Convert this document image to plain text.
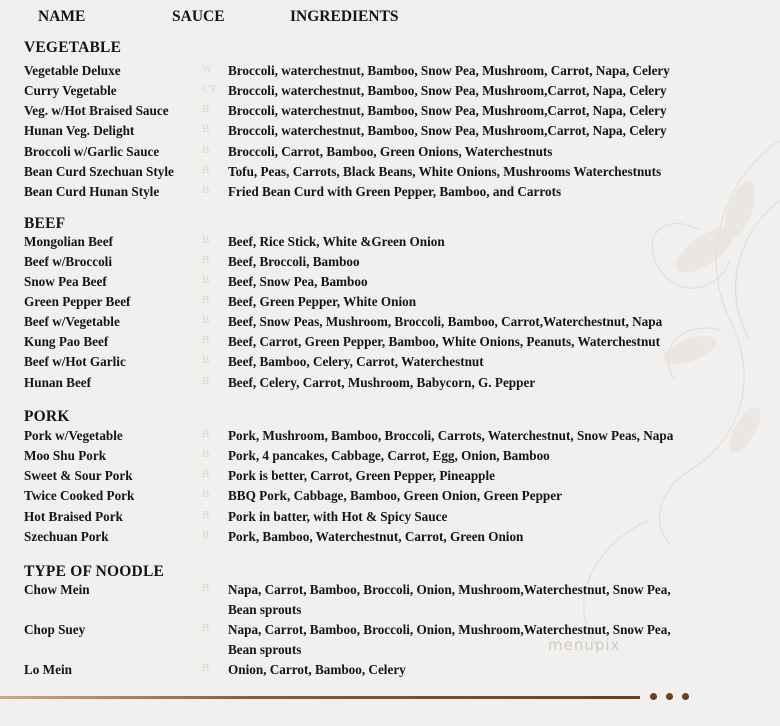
NAME	SAUCE	INGREDIENTS
VEGETABLE
Vegetable Deluxe	W Broccoli, waterchestnut, Bamboo, Snow Pea, Mushroom, Carrot, Napa, Celery
Curry Vegetable	CY Broccoli, waterchestnut, Bamboo, Snow Pea, Mushroom,Carrot, Napa, Celery
Veg. w/Hot Braised Sauce	B Broccoli, waterchestnut, Bamboo, Snow Pea, Mushroom,Carrot, Napa, Celery
Hunan Veg. Delight	B Broccoli, waterchestnut, Bamboo, Snow Pea, Mushroom,Carrot, Napa, Celery
Broccoli w/Garlic Sauce	B Broccoli, Carrot, Bamboo, Green Onions, Waterchestnuts
Bean Curd Szechuan Style	B Tofu, Peas, Carrots, Black Beans, White Onions, Mushrooms Waterchestnuts
Bean Curd Hunan Style	B Fried Bean Curd with Green Pepper, Bamboo, and Carrots
BEEF
Mongolian Beef	B Beef, Rice Stick, White &Green Onion
Beef w/Broccoli	B Beef, Broccoli, Bamboo
Snow Pea Beef	B Beef, Snow Pea, Bamboo
Green Pepper Beef	B Beef, Green Pepper, White Onion
Beef w/Vegetable	B Beef, Snow Peas, Mushroom, Broccoli, Bamboo, Carrot,Waterchestnut, Napa
Kung Pao Beef	B Beef, Carrot, Green Pepper, Bamboo, White Onions, Peanuts, Waterchestnut
Beef w/Hot Garlic	B Beef, Bamboo, Celery, Carrot, Waterchestnut
Hunan Beef	B Beef, Celery, Carrot, Mushroom, Babycorn, G. Pepper
PORK
Pork w/Vegetable	B Pork, Mushroom, Bamboo, Broccoli, Carrots, Waterchestnut, Snow Peas, Napa
Moo Shu Pork	B Pork, 4 pancakes, Cabbage, Carrot, Egg, Onion, Bamboo
Sweet & Sour Pork	B Pork is better, Carrot, Green Pepper, Pineapple
Twice Cooked Pork	B BBQ Pork, Cabbage, Bamboo, Green Onion, Green Pepper
Hot Braised Pork	B Pork in batter, with Hot & Spicy Sauce
Szechuan Pork	B Pork, Bamboo, Waterchestnut, Carrot, Green Onion
TYPE OF NOODLE
Chow Mein	B Napa, Carrot, Bamboo, Broccoli, Onion, Mushroom,Waterchestnut, Snow Pea,
Bean sprouts
Chop Suey	B Napa, Carrot, Bamboo, Broccoli, Onion, Mushroom,Waterchestnut, Snow Pea,
Bean sprouts
Lo Mein	B Onion, Carrot, Bamboo, Celery
menupix
